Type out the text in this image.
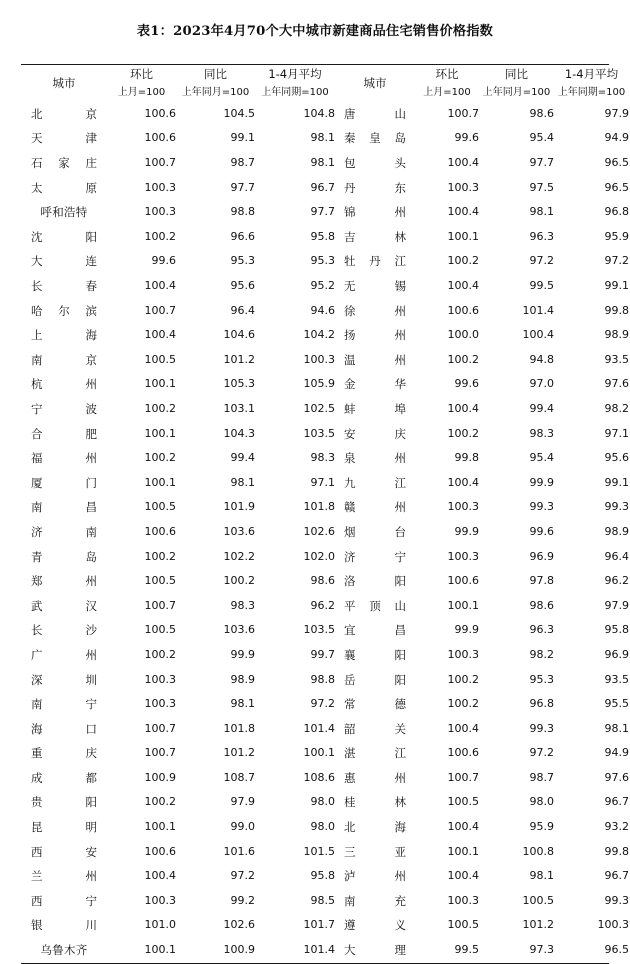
表1：2023年4月70个大中城市新建商品住宅销售价格指数
城市	环比	同比	1-4月平均	城市	环比	同比	1-4月平均
	上月=100	上年同月=100	上年同期=100		上月=100	上年同月=100	上年同期=100
北京	100.6	104.5	104.8	唐山	100.7	98.6	97.9
天津	100.6	99.1	98.1	秦皇岛	99.6	95.4	94.9
石家庄	100.7	98.7	98.1	包头	100.4	97.7	96.5
太原	100.3	97.7	96.7	丹东	100.3	97.5	96.5
呼和浩特	100.3	98.8	97.7	锦州	100.4	98.1	96.8
沈阳	100.2	96.6	95.8	吉林	100.1	96.3	95.9
大连	99.6	95.3	95.3	牡丹江	100.2	97.2	97.2
长春	100.4	95.6	95.2	无锡	100.4	99.5	99.1
哈尔滨	100.7	96.4	94.6	徐州	100.6	101.4	99.8
上海	100.4	104.6	104.2	扬州	100.0	100.4	98.9
南京	100.5	101.2	100.3	温州	100.2	94.8	93.5
杭州	100.1	105.3	105.9	金华	99.6	97.0	97.6
宁波	100.2	103.1	102.5	蚌埠	100.4	99.4	98.2
合肥	100.1	104.3	103.5	安庆	100.2	98.3	97.1
福州	100.2	99.4	98.3	泉州	99.8	95.4	95.6
厦门	100.1	98.1	97.1	九江	100.4	99.9	99.1
南昌	100.5	101.9	101.8	赣州	100.3	99.3	99.3
济南	100.6	103.6	102.6	烟台	99.9	99.6	98.9
青岛	100.2	102.2	102.0	济宁	100.3	96.9	96.4
郑州	100.5	100.2	98.6	洛阳	100.6	97.8	96.2
武汉	100.7	98.3	96.2	平顶山	100.1	98.6	97.9
长沙	100.5	103.6	103.5	宜昌	99.9	96.3	95.8
广州	100.2	99.9	99.7	襄阳	100.3	98.2	96.9
深圳	100.3	98.9	98.8	岳阳	100.2	95.3	93.5
南宁	100.3	98.1	97.2	常德	100.2	96.8	95.5
海口	100.7	101.8	101.4	韶关	100.4	99.3	98.1
重庆	100.7	101.2	100.1	湛江	100.6	97.2	94.9
成都	100.9	108.7	108.6	惠州	100.7	98.7	97.6
贵阳	100.2	97.9	98.0	桂林	100.5	98.0	96.7
昆明	100.1	99.0	98.0	北海	100.4	95.9	93.2
西安	100.6	101.6	101.5	三亚	100.1	100.8	99.8
兰州	100.4	97.2	95.8	泸州	100.4	98.1	96.7
西宁	100.3	99.2	98.5	南充	100.3	100.5	99.3
银川	101.0	102.6	101.7	遵义	100.5	101.2	100.3
乌鲁木齐	100.1	100.9	101.4	大理	99.5	97.3	96.5
